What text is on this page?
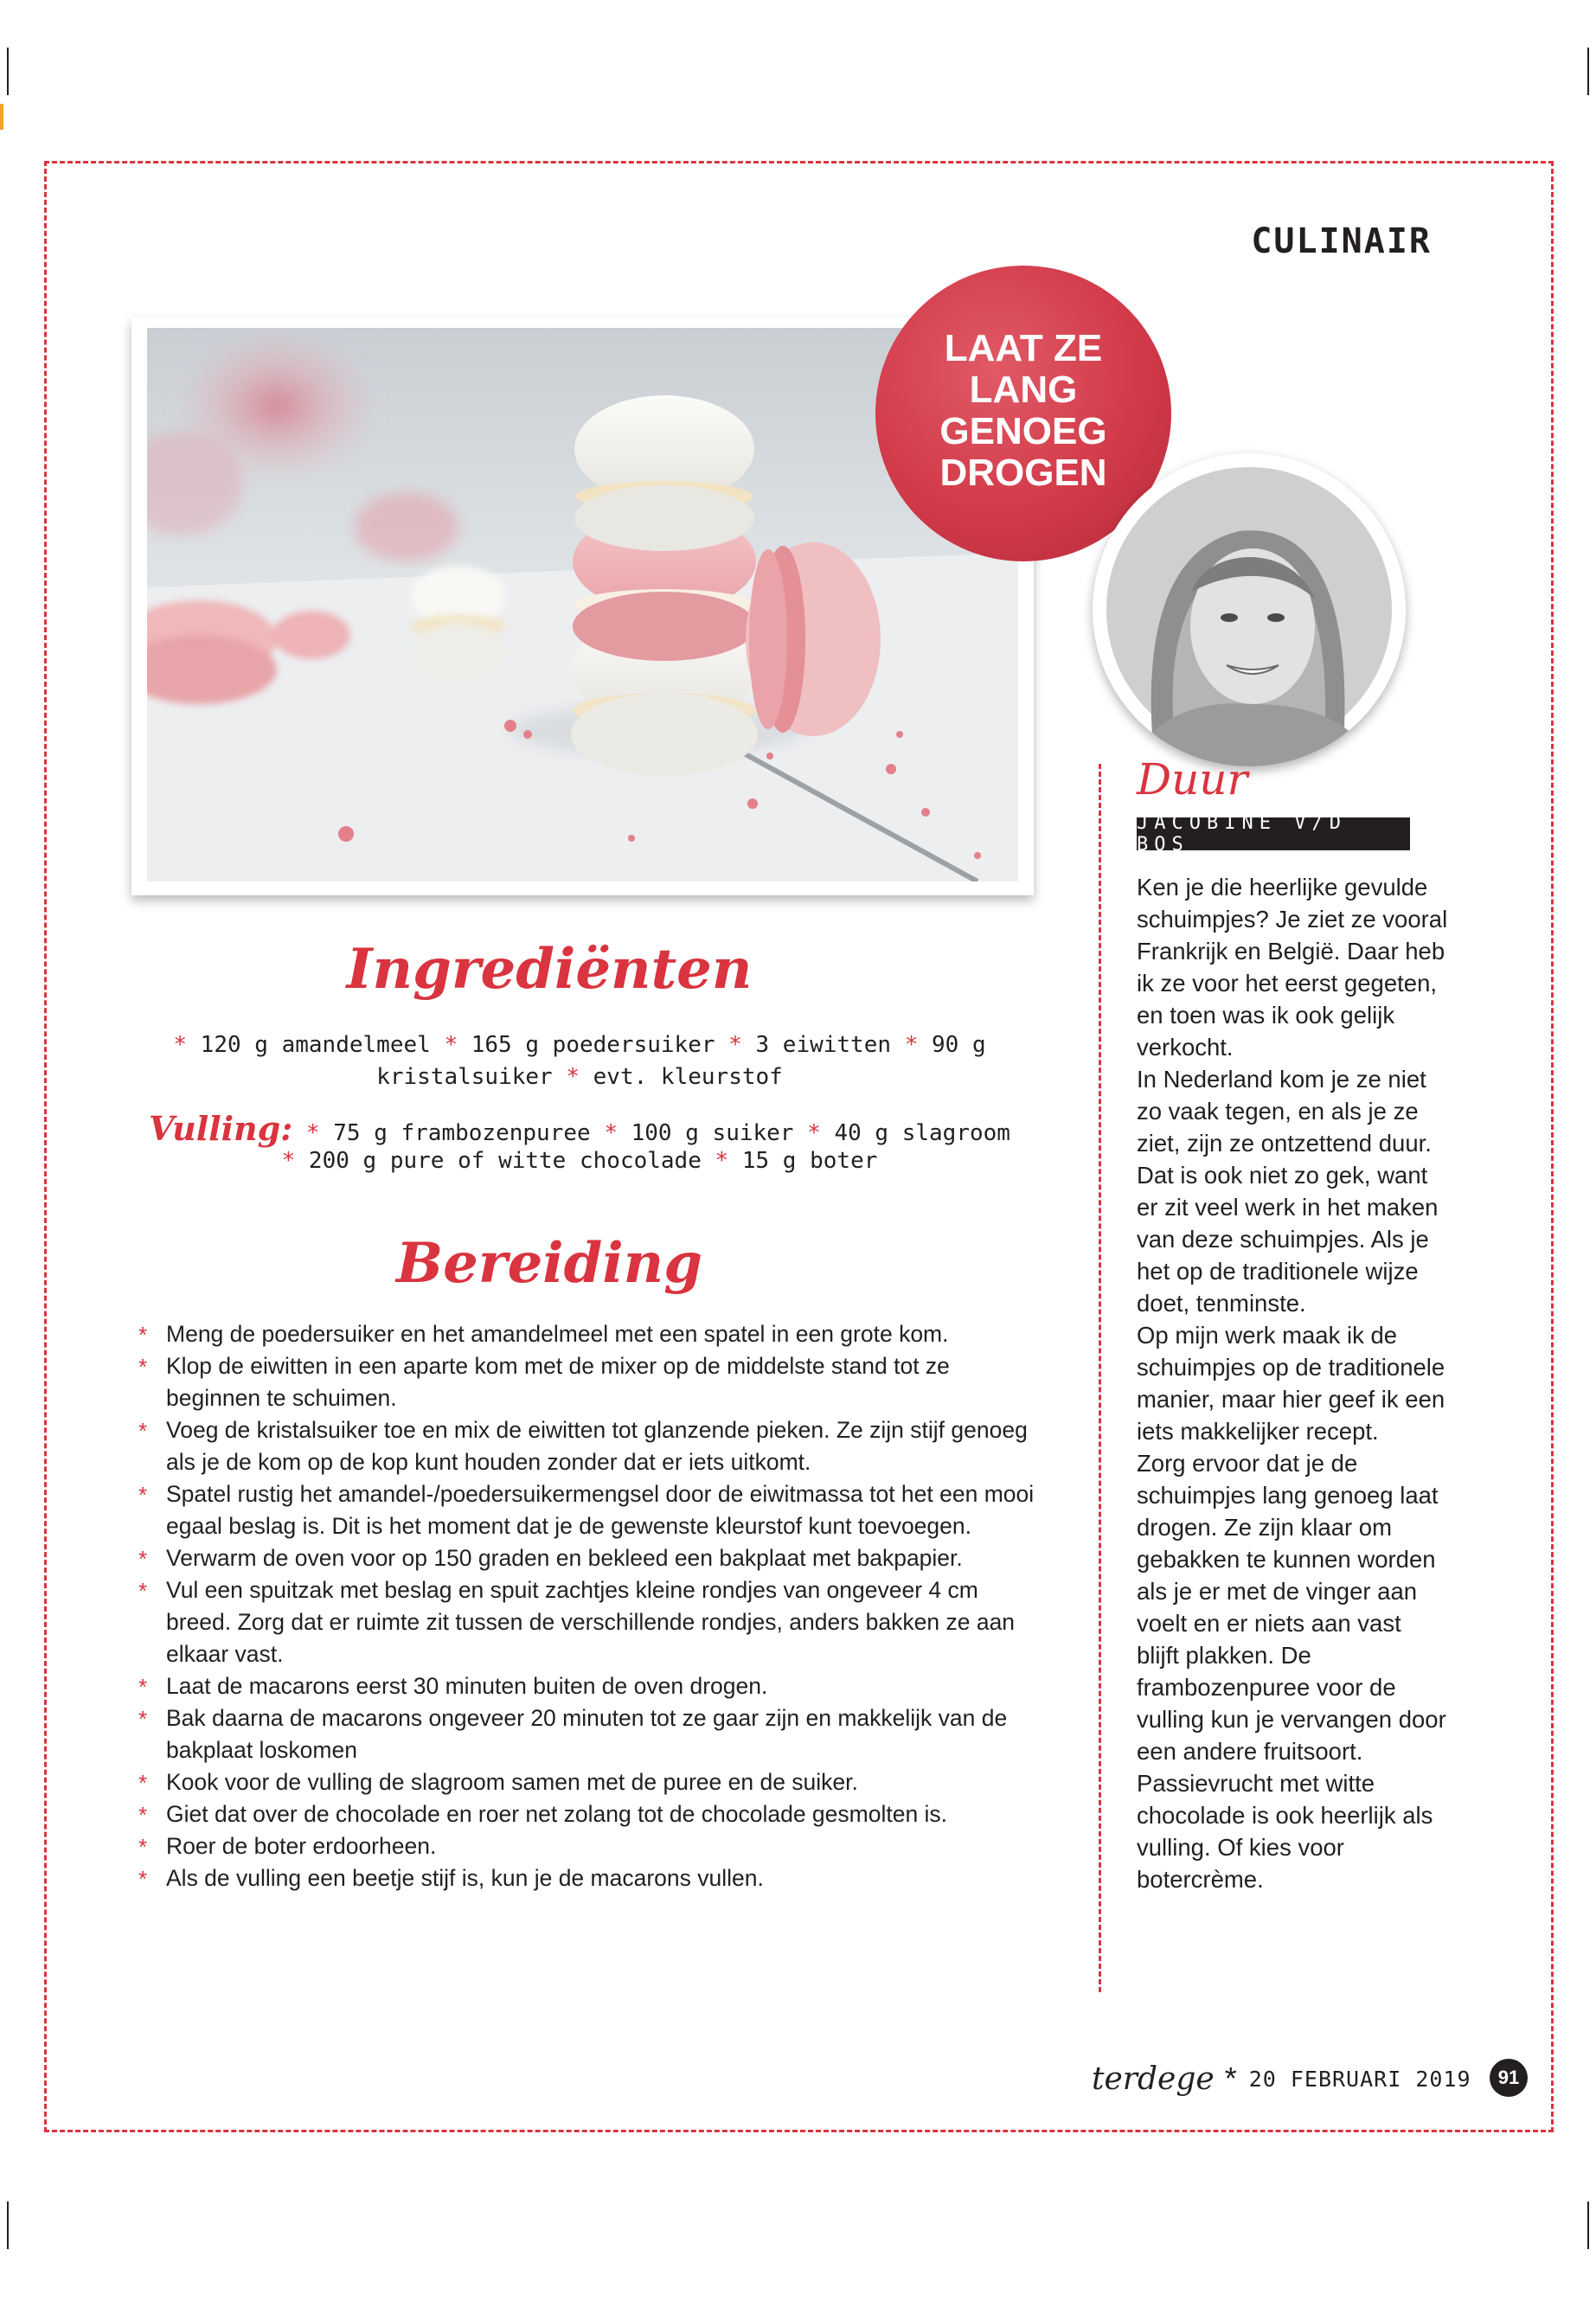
CULINAIR
LAAT ZE
LANG
GENOEG
DROGEN
Ingrediënten
* 120 g amandelmeel * 165 g poedersuiker * 3 eiwitten * 90 g
kristalsuiker * evt. kleurstof
Vulling: * 75 g frambozenpuree * 100 g suiker * 40 g slagroom
* 200 g pure of witte chocolade * 15 g boter
Bereiding
* Meng de poedersuiker en het amandelmeel met een spatel in een grote kom.
* Klop de eiwitten in een aparte kom met de mixer op de middelste stand tot ze beginnen te schuimen.
* Voeg de kristalsuiker toe en mix de eiwitten tot glanzende pieken. Ze zijn stijf genoeg als je de kom op de kop kunt houden zonder dat er iets uitkomt.
* Spatel rustig het amandel-/poedersuikermengsel door de eiwitmassa tot het een mooi egaal beslag is. Dit is het moment dat je de gewenste kleurstof kunt toevoegen.
* Verwarm de oven voor op 150 graden en bekleed een bakplaat met bakpapier.
* Vul een spuitzak met beslag en spuit zachtjes kleine rondjes van ongeveer 4 cm breed. Zorg dat er ruimte zit tussen de verschillende rondjes, anders bakken ze aan elkaar vast.
* Laat de macarons eerst 30 minuten buiten de oven drogen.
* Bak daarna de macarons ongeveer 20 minuten tot ze gaar zijn en makkelijk van de bakplaat loskomen
* Kook voor de vulling de slagroom samen met de puree en de suiker.
* Giet dat over de chocolade en roer net zolang tot de chocolade gesmolten is.
* Roer de boter erdoorheen.
* Als de vulling een beetje stijf is, kun je de macarons vullen.
Duur
JACOBINE V/D BOS

Ken je die heerlijke gevulde schuimpjes? Je ziet ze vooral Frankrijk en België. Daar heb ik ze voor het eerst gegeten, en toen was ik ook gelijk verkocht.

In Nederland kom je ze niet zo vaak tegen, en als je ze ziet, zijn ze ontzettend duur. Dat is ook niet zo gek, want er zit veel werk in het maken van deze schuimpjes. Als je het op de traditionele wijze doet, tenminste.

Op mijn werk maak ik de schuimpjes op de traditionele manier, maar hier geef ik een iets makkelijker recept.

Zorg ervoor dat je de schuimpjes lang genoeg laat drogen. Ze zijn klaar om gebakken te kunnen worden als je er met de vinger aan voelt en er niets aan vast blijft plakken. De frambozenpuree voor de vulling kun je vervangen door een andere fruitsoort. Passievrucht met witte chocolade is ook heerlijk als vulling. Of kies voor botercrème.

terdege * 20 FEBRUARI 2019	91
